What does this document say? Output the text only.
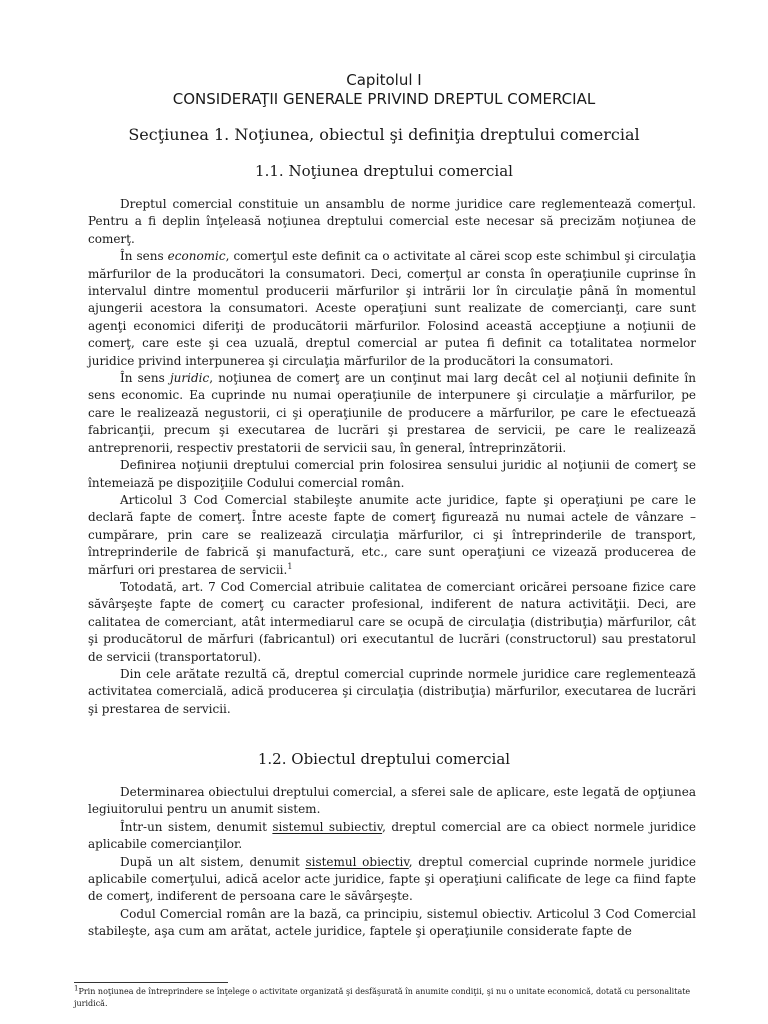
Capitolul I
CONSIDERAŢII GENERALE PRIVIND DREPTUL COMERCIAL
Secţiunea 1. Noţiunea, obiectul şi definiţia dreptului comercial
1.1. Noţiunea dreptului comercial

Dreptul comercial constituie un ansamblu de norme juridice care reglementează comerţul. Pentru a fi deplin înţeleasă noţiunea dreptului comercial este necesar să precizăm noţiunea de comerţ.

În sens economic, comerţul este definit ca o activitate al cărei scop este schimbul şi circulaţia mărfurilor de la producători la consumatori. Deci, comerţul ar consta în operaţiunile cuprinse în intervalul dintre momentul producerii mărfurilor şi intrării lor în circulaţie până în momentul ajungerii acestora la consumatori. Aceste operaţiuni sunt realizate de comercianţi, care sunt agenţi economici diferiţi de producătorii mărfurilor. Folosind această accepţiune a noţiunii de comerţ, care este şi cea uzuală, dreptul comercial ar putea fi definit ca totalitatea normelor juridice privind interpunerea şi circulaţia mărfurilor de la producători la consumatori.

În sens juridic, noţiunea de comerţ are un conţinut mai larg decât cel al noţiunii definite în sens economic. Ea cuprinde nu numai operaţiunile de interpunere şi circulaţie a mărfurilor, pe care le realizează negustorii, ci şi operaţiunile de producere a mărfurilor, pe care le efectuează fabricanţii, precum şi executarea de lucrări şi prestarea de servicii, pe care le realizează antreprenorii, respectiv prestatorii de servicii sau, în general, întreprinzătorii.

Definirea noţiunii dreptului comercial prin folosirea sensului juridic al noţiunii de comerţ se întemeiază pe dispoziţiile Codului comercial român.

Articolul 3 Cod Comercial stabileşte anumite acte juridice, fapte şi operaţiuni pe care le declară fapte de comerţ. Între aceste fapte de comerţ figurează nu numai actele de vânzare – cumpărare, prin care se realizează circulaţia mărfurilor, ci şi întreprinderile de transport, întreprinderile de fabrică şi manufactură, etc., care sunt operaţiuni ce vizează producerea de mărfuri ori prestarea de servicii.$^1$

Totodată, art. 7 Cod Comercial atribuie calitatea de comerciant oricărei persoane fizice care săvârşeşte fapte de comerţ cu caracter profesional, indiferent de natura activităţii. Deci, are calitatea de comerciant, atât intermediarul care se ocupă de circulaţia (distribuţia) mărfurilor, cât şi producătorul de mărfuri (fabricantul) ori executantul de lucrări (constructorul) sau prestatorul de servicii (transportatorul).

Din cele arătate rezultă că, dreptul comercial cuprinde normele juridice care reglementează activitatea comercială, adică producerea şi circulaţia (distribuţia) mărfurilor, executarea de lucrări şi prestarea de servicii.

1.2. Obiectul dreptului comercial

Determinarea obiectului dreptului comercial, a sferei sale de aplicare, este legată de opţiunea legiuitorului pentru un anumit sistem.

Într-un sistem, denumit sistemul subiectiv, dreptul comercial are ca obiect normele juridice aplicabile comercianţilor.

După un alt sistem, denumit sistemul obiectiv, dreptul comercial cuprinde normele juridice aplicabile comerţului, adică acelor acte juridice, fapte şi operaţiuni calificate de lege ca fiind fapte de comerţ, indiferent de persoana care le săvârşeşte.

Codul Comercial român are la bază, ca principiu, sistemul obiectiv. Articolul 3 Cod Comercial stabileşte, aşa cum am arătat, actele juridice, faptele şi operaţiunile considerate fapte de

$^1$Prin noţiunea de întreprindere se înţelege o activitate organizată şi desfăşurată în anumite condiţii, şi nu o unitate economică, dotată cu personalitate juridică.
